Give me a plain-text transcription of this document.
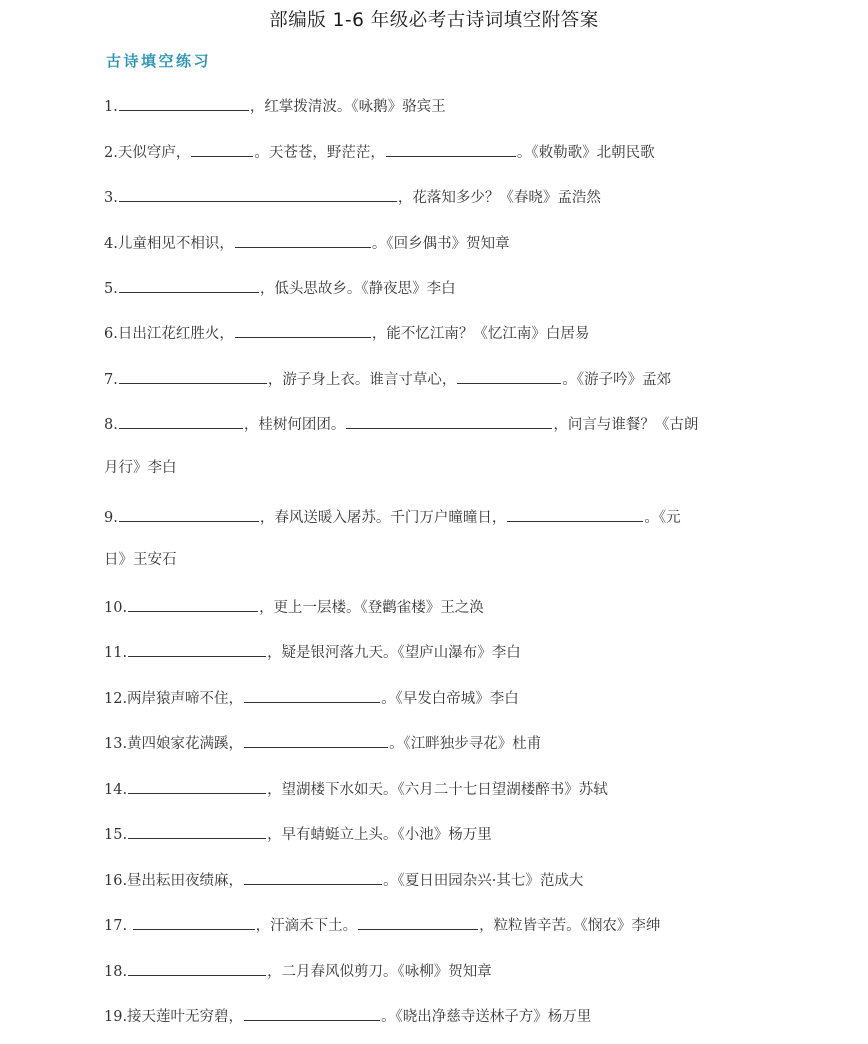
部编版 1-6 年级必考古诗词填空附答案
古诗填空练习
1.	，红掌拨清波。《咏鹅》骆宾王
2.天似穹庐，	。天苍苍，野茫茫，	。《敕勒歌》北朝民歌
3.	，花落知多少？《春晓》孟浩然
4.儿童相见不相识，	。《回乡偶书》贺知章
5.	，低头思故乡。《静夜思》李白
6.日出江花红胜火，	，能不忆江南？《忆江南》白居易
7.	，游子身上衣。谁言寸草心，	。《游子吟》孟郊
8.	，桂树何团团。	，问言与谁餐？《古朗
月行》李白
9.	，春风送暖入屠苏。千门万户曈曈日，	。《元
日》王安石
10.	，更上一层楼。《登鹳雀楼》王之涣
11.	，疑是银河落九天。《望庐山瀑布》李白
12.两岸猿声啼不住，	。《早发白帝城》李白
13.黄四娘家花满蹊，	。《江畔独步寻花》杜甫
14.	，望湖楼下水如天。《六月二十七日望湖楼醉书》苏轼
15.	，早有蜻蜓立上头。《小池》杨万里
16.昼出耘田夜绩麻，	。《夏日田园杂兴·其七》范成大
17.	，汗滴禾下土。	，粒粒皆辛苦。《悯农》李绅
18.	，二月春风似剪刀。《咏柳》贺知章
19.接天莲叶无穷碧，	。《晓出净慈寺送林子方》杨万里
